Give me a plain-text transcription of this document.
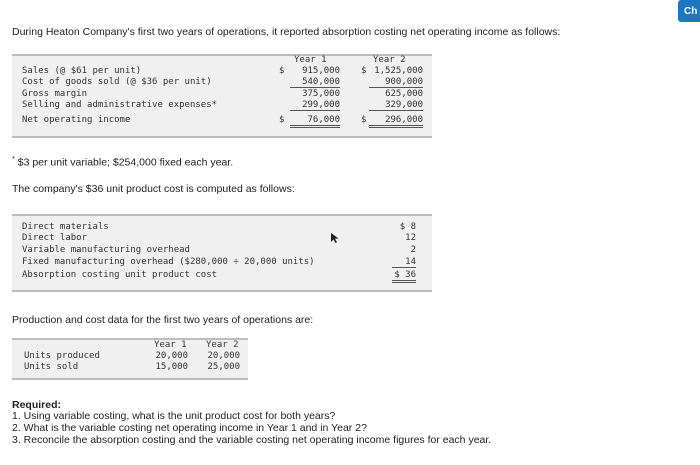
Ch
During Heaton Company's first two years of operations, it reported absorption costing net operating income as follows:
Year 1	Year 2
Sales (@ $61 per unit)	$	915,000 $ 1,525,000
Cost of goods sold (@ $36 per unit)	540,000	900,000
Gross margin	375,000	625,000
Selling and administrative expenses*	299,000	329,000
Net operating income	$	76,000 $	296,000
* $3 per unit variable; $254,000 fixed each year.
The company's $36 unit product cost is computed as follows:
Direct materials	$ 8
Direct labor	12
Variable manufacturing overhead	2
Fixed manufacturing overhead ($280,000 ÷ 20,000 units)	14
Absorption costing unit product cost	$ 36
Production and cost data for the first two years of operations are:
Year 1 Year 2
Units produced	20,000	20,000
Units sold	15,000	25,000
Required:
1. Using variable costing, what is the unit product cost for both years?
2. What is the variable costing net operating income in Year 1 and in Year 2?
3. Reconcile the absorption costing and the variable costing net operating income figures for each year.
